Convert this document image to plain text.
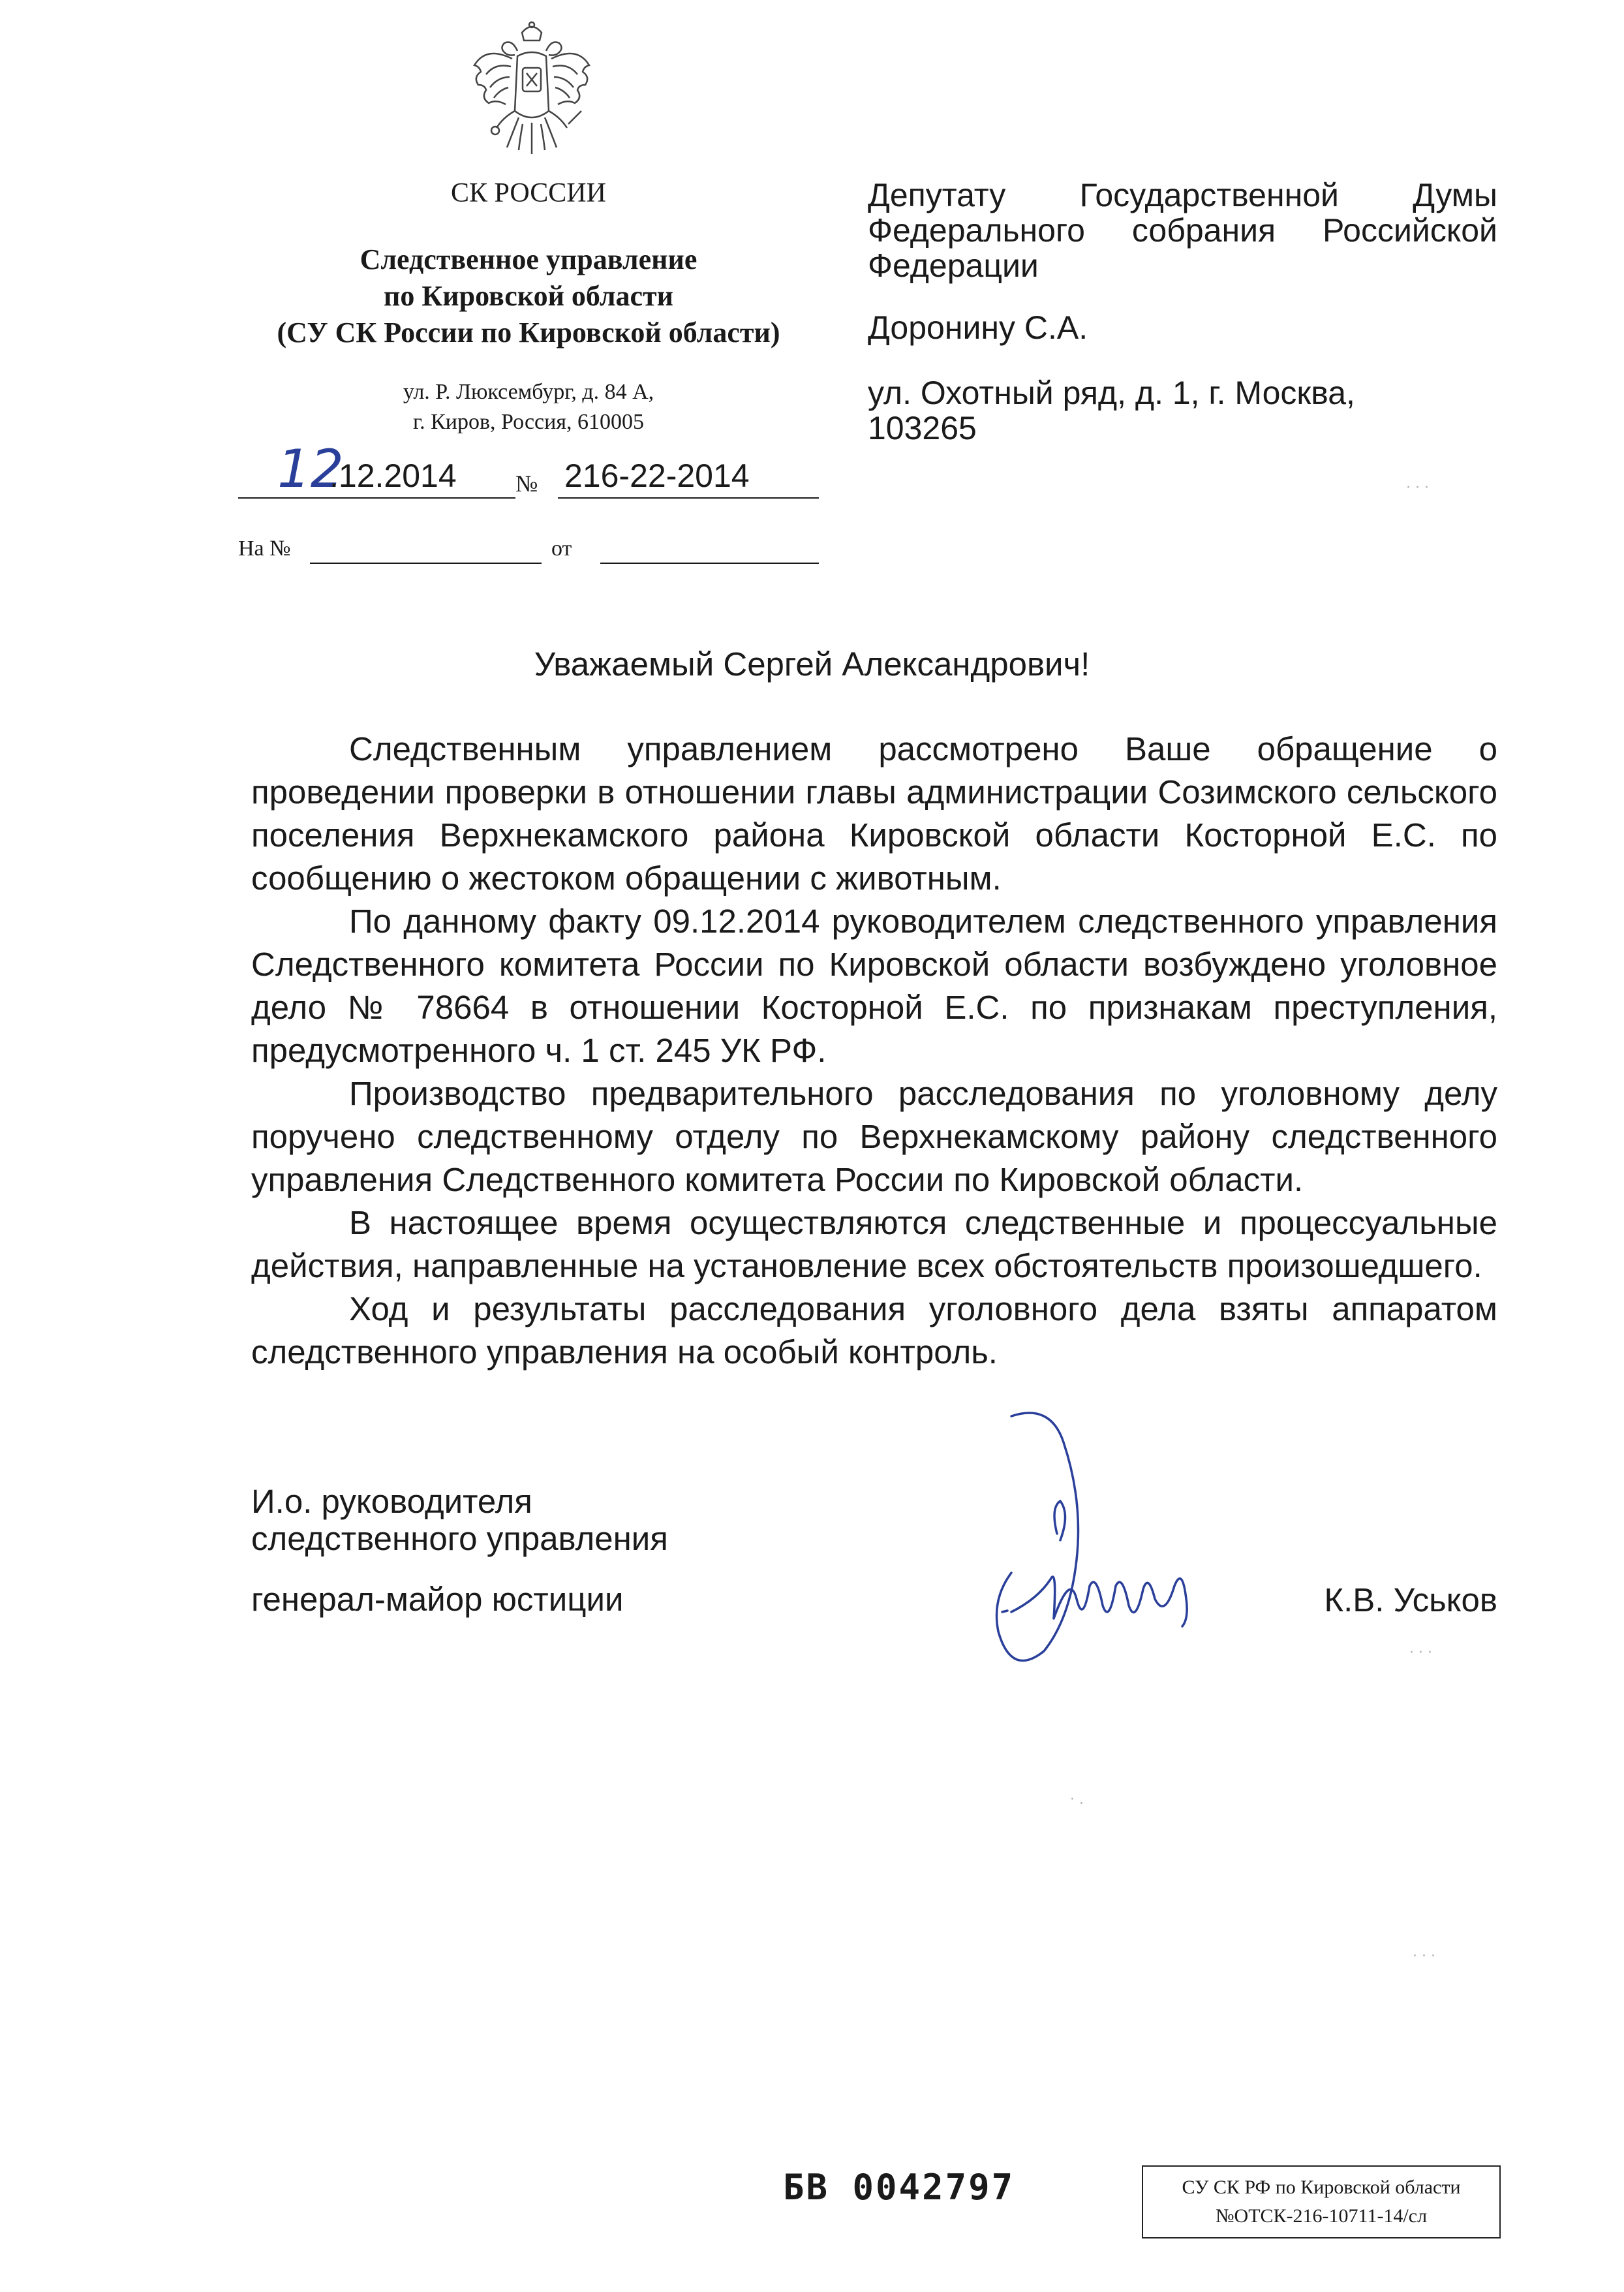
СК РОССИИ
Следственное управление
по Кировской области
(СУ СК России по Кировской области)
ул. Р. Люксембург, д. 84 А,
г. Киров, Россия, 610005
12
.12.2014	№ 216-22-2014
На №	от
Депутату Государственной Думы
Федерального собрания Российской
Федерации
Доронину С.А.
ул. Охотный ряд, д. 1, г. Москва,
103265
Уважаемый Сергей Александрович!

Следственным управлением рассмотрено Ваше обращение о проведении проверки в отношении главы администрации Созимского сельского поселения Верхнекамского района Кировской области Косторной Е.С. по сообщению о жестоком обращении с животным.

По данному факту 09.12.2014 руководителем следственного управления Следственного комитета России по Кировской области возбуждено уголовное дело № 78664 в отношении Косторной Е.С. по признакам преступления, предусмотренного ч. 1 ст. 245 УК РФ.

Производство предварительного расследования по уголовному делу поручено следственному отделу по Верхнекамскому району следственного управления Следственного комитета России по Кировской области.

В настоящее время осуществляются следственные и процессуальные действия, направленные на установление всех обстоятельств произошедшего.

Ход и результаты расследования уголовного дела взяты аппаратом следственного управления на особый контроль.

И.о. руководителя
следственного управления
генерал-майор юстиции	К.В. Уськов
· · ·
· · ·
· .
· · ·
БВ 0042797	СУ СК РФ по Кировской области
№ОТСК-216-10711-14/сл
